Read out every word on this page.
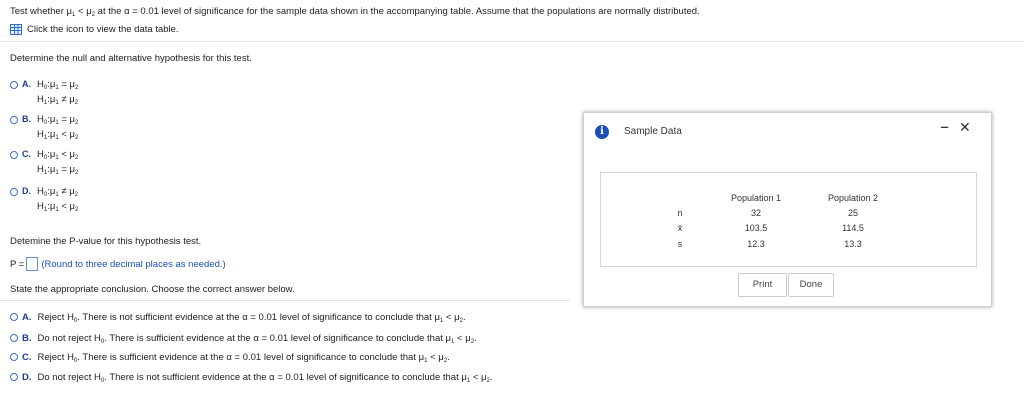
Test whether $\mu_1 < \mu_2$ at the α = 0.01 level of significance for the sample data shown in the accompanying table. Assume that the populations are normally distributed.
Click the icon to view the data table.
Determine the null and alternative hypothesis for this test.
A. $H_0:\mu_1 = \mu_2$
$H_1:\mu_1 \ne \mu_2$
B. $H_0:\mu_1 = \mu_2$
$H_1:\mu_1 < \mu_2$
C. $H_0:\mu_1 < \mu_2$
$H_1:\mu_1 = \mu_2$
D. $H_0:\mu_1 \ne \mu_2$
$H_1:\mu_1 < \mu_2$
Detemine the P-value for this hypothesis test.
P = (Round to three decimal places as needed.)
State the appropriate conclusion. Choose the correct answer below.
A. Reject $H_0$. There is not sufficient evidence at the α = 0.01 level of significance to conclude that $\mu_1 < \mu_2$.
B. Do not reject $H_0$. There is sufficient evidence at the α = 0.01 level of significance to conclude that $\mu_1 < \mu_2$.
C. Reject $H_0$. There is sufficient evidence at the α = 0.01 level of significance to conclude that $\mu_1 < \mu_2$.
D. Do not reject $H_0$. There is not sufficient evidence at the α = 0.01 level of significance to conclude that $\mu_1 < \mu_2$.
i	Sample Data	‒ ✕
Population 1	Population 2
n	32	25
x̄	103.5	114.5
s	12.3	13.3
Print	Done
